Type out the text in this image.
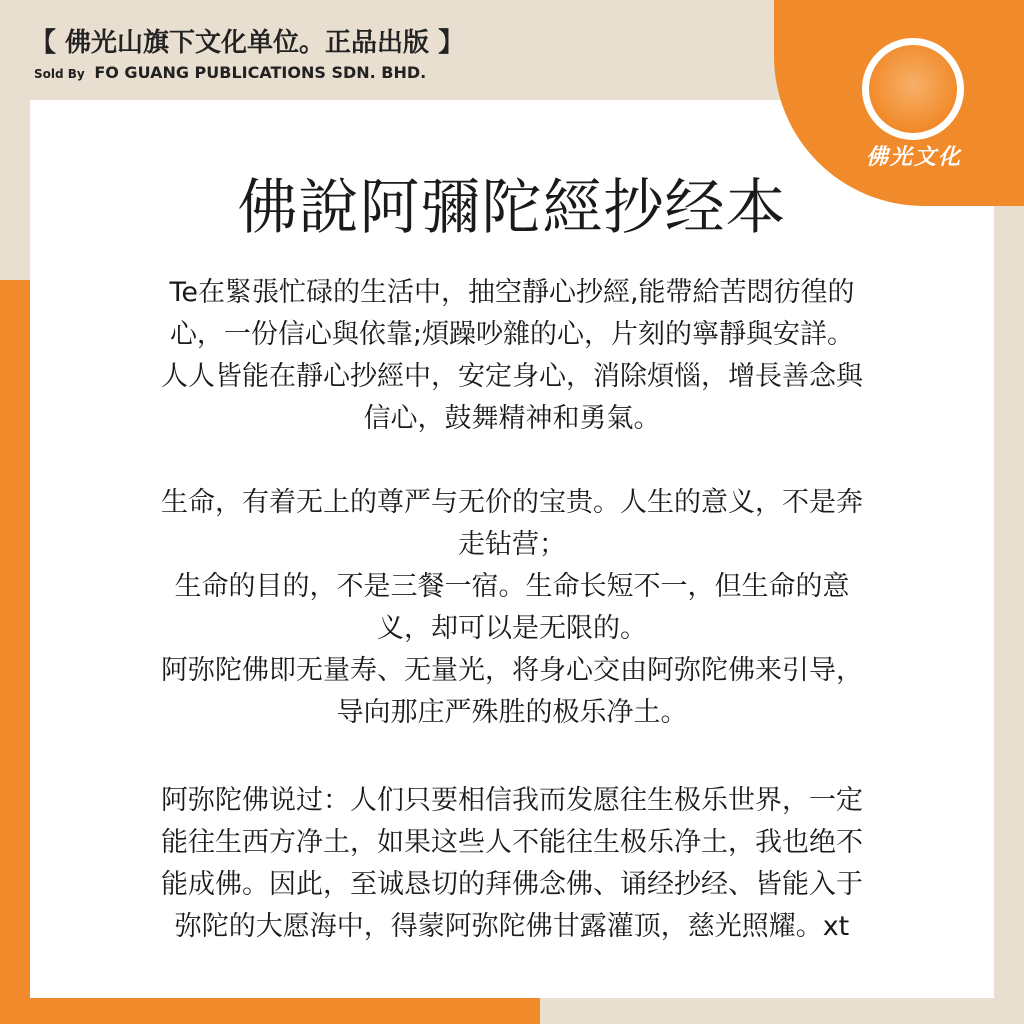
佛光文化
【 佛光山旗下文化单位。正品出版 】
Sold By FO GUANG PUBLICATIONS SDN. BHD.
佛說阿彌陀經抄经本
Te在緊張忙碌的生活中，抽空靜心抄經,能帶給苦悶彷徨的
心，一份信心與依靠;煩躁吵雜的心，片刻的寧靜與安詳。
人人皆能在靜心抄經中，安定身心，消除煩惱，增長善念與
信心，鼓舞精神和勇氣。
生命，有着无上的尊严与无价的宝贵。人生的意义，不是奔
走钻营；
生命的目的，不是三餐一宿。生命长短不一，但生命的意
义，却可以是无限的。
阿弥陀佛即无量寿、无量光，将身心交由阿弥陀佛来引导，
导向那庄严殊胜的极乐净土。
阿弥陀佛说过：人们只要相信我而发愿往生极乐世界，一定
能往生西方净土，如果这些人不能往生极乐净土，我也绝不
能成佛。因此，至诚恳切的拜佛念佛、诵经抄经、皆能入于
弥陀的大愿海中，得蒙阿弥陀佛甘露灌顶，慈光照耀。xt
